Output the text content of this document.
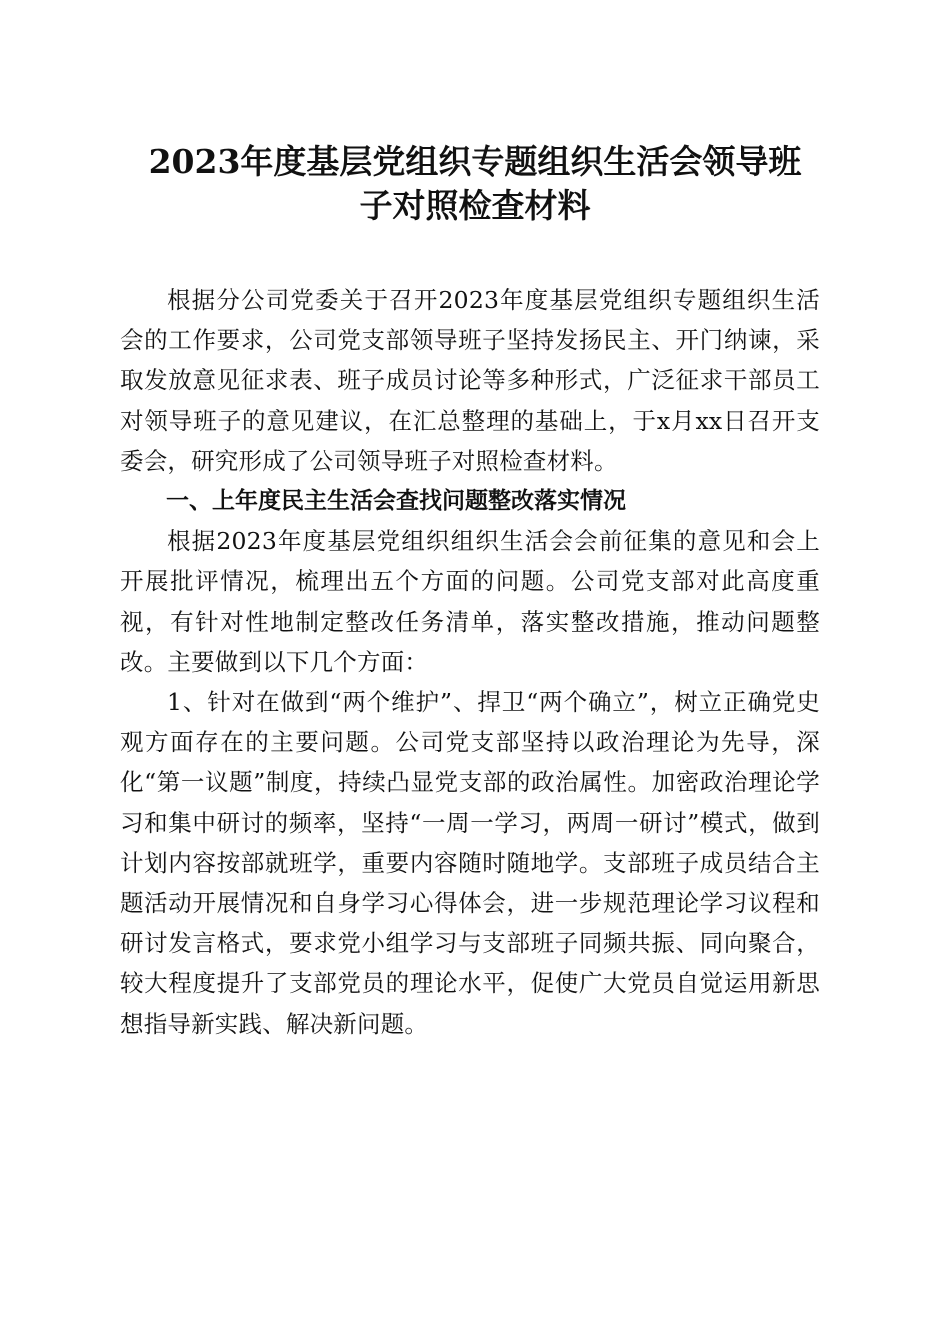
2023年度基层党组织专题组织生活会领导班
子对照检查材料

根据分公司党委关于召开2023年度基层党组织专题组织生活会的工作要求，公司党支部领导班子坚持发扬民主、开门纳谏，采取发放意见征求表、班子成员讨论等多种形式，广泛征求干部员工对领导班子的意见建议，在汇总整理的基础上，于x月xx日召开支委会，研究形成了公司领导班子对照检查材料。

一、上年度民主生活会查找问题整改落实情况

根据2023年度基层党组织组织生活会会前征集的意见和会上开展批评情况，梳理出五个方面的问题。公司党支部对此高度重视，有针对性地制定整改任务清单，落实整改措施，推动问题整改。主要做到以下几个方面：

1、针对在做到“两个维护”、捍卫“两个确立”，树立正确党史观方面存在的主要问题。公司党支部坚持以政治理论为先导，深化“第一议题”制度，持续凸显党支部的政治属性。加密政治理论学习和集中研讨的频率，坚持“一周一学习，两周一研讨”模式，做到计划内容按部就班学，重要内容随时随地学。支部班子成员结合主题活动开展情况和自身学习心得体会，进一步规范理论学习议程和研讨发言格式，要求党小组学习与支部班子同频共振、同向聚合，较大程度提升了支部党员的理论水平，促使广大党员自觉运用新思想指导新实践、解决新问题。
